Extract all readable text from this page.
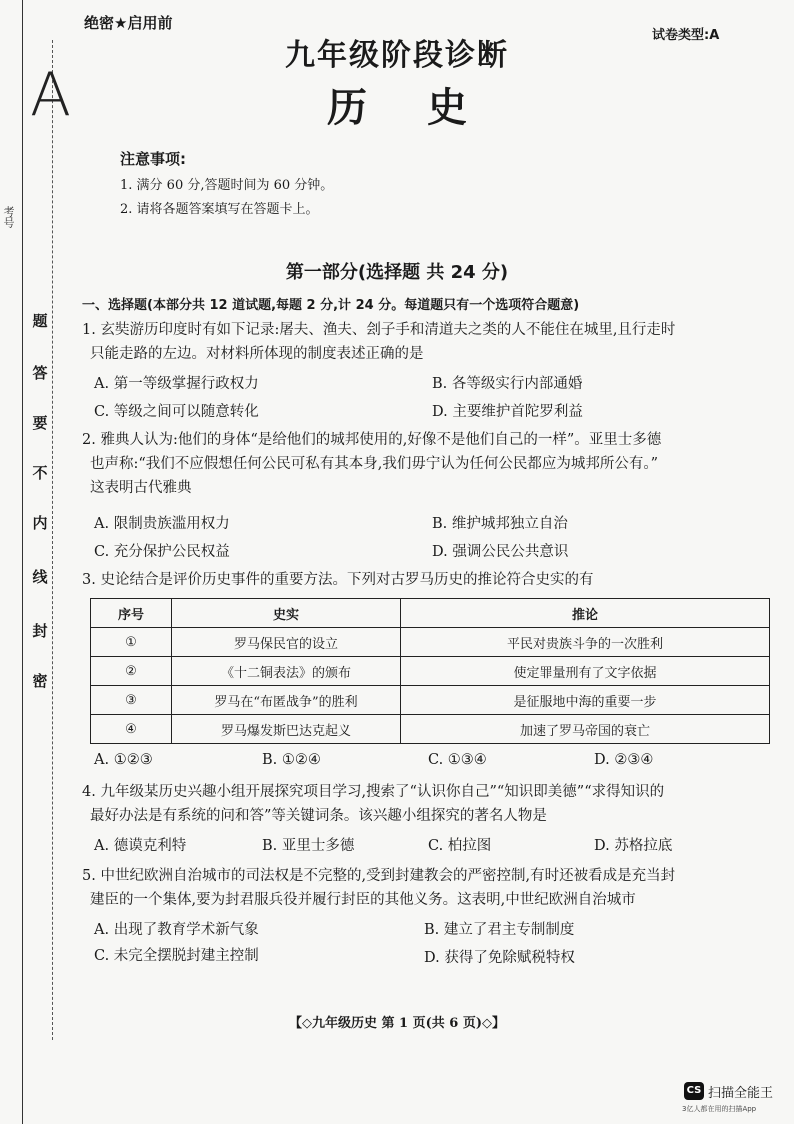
A
考号
题
答
要
不
内
线
封
密
绝密★启用前
试卷类型:A
九年级阶段诊断
历史
注意事项:
1. 满分 60 分,答题时间为 60 分钟。
2. 请将各题答案填写在答题卡上。
第一部分(选择题 共 24 分)
一、选择题(本部分共 12 道试题,每题 2 分,计 24 分。每道题只有一个选项符合题意)
1. 玄奘游历印度时有如下记录:屠夫、渔夫、刽子手和清道夫之类的人不能住在城里,且行走时
只能走路的左边。对材料所体现的制度表述正确的是
A. 第一等级掌握行政权力	B. 各等级实行内部通婚
C. 等级之间可以随意转化	D. 主要维护首陀罗利益
2. 雅典人认为:他们的身体“是给他们的城邦使用的,好像不是他们自己的一样”。亚里士多德
也声称:“我们不应假想任何公民可私有其本身,我们毋宁认为任何公民都应为城邦所公有。”
这表明古代雅典
A. 限制贵族滥用权力	B. 维护城邦独立自治
C. 充分保护公民权益	D. 强调公民公共意识
3. 史论结合是评价历史事件的重要方法。下列对古罗马历史的推论符合史实的有
序号	史实	推论
①	罗马保民官的设立	平民对贵族斗争的一次胜利
②	《十二铜表法》的颁布	使定罪量刑有了文字依据
③	罗马在“布匿战争”的胜利	是征服地中海的重要一步
④	罗马爆发斯巴达克起义	加速了罗马帝国的衰亡
A. ①②③	B. ①②④	C. ①③④	D. ②③④
4. 九年级某历史兴趣小组开展探究项目学习,搜索了“认识你自己”“知识即美德”“求得知识的
最好办法是有系统的问和答”等关键词条。该兴趣小组探究的著名人物是
A. 德谟克利特	B. 亚里士多德	C. 柏拉图	D. 苏格拉底
5. 中世纪欧洲自治城市的司法权是不完整的,受到封建教会的严密控制,有时还被看成是充当封
建臣的一个集体,要为封君服兵役并履行封臣的其他义务。这表明,中世纪欧洲自治城市
A. 出现了教育学术新气象	B. 建立了君主专制制度
C. 未完全摆脱封建主控制	D. 获得了免除赋税特权
【◇九年级历史 第 1 页(共 6 页)◇】
CS 扫描全能王
3亿人都在用的扫描App
